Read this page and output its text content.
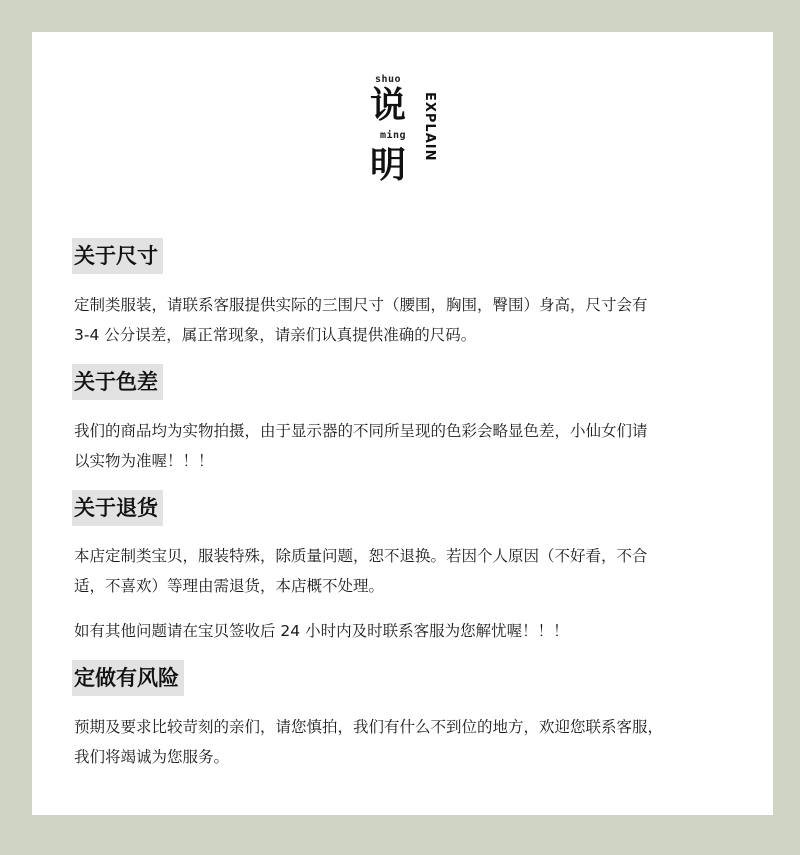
shuo
说
ming
明
EXPLAIN
关于尺寸

定制类服装，请联系客服提供实际的三围尺寸（腰围，胸围，臀围）身高，尺寸会有
3-4 公分误差，属正常现象，请亲们认真提供准确的尺码。

关于色差

我们的商品均为实物拍摄，由于显示器的不同所呈现的色彩会略显色差，小仙女们请
以实物为准喔！！！

关于退货

本店定制类宝贝，服装特殊，除质量问题，恕不退换。若因个人原因（不好看，不合
适，不喜欢）等理由需退货，本店概不处理。

如有其他问题请在宝贝签收后 24 小时内及时联系客服为您解忧喔！！！

定做有风险

预期及要求比较苛刻的亲们，请您慎拍，我们有什么不到位的地方，欢迎您联系客服，
我们将竭诚为您服务。
